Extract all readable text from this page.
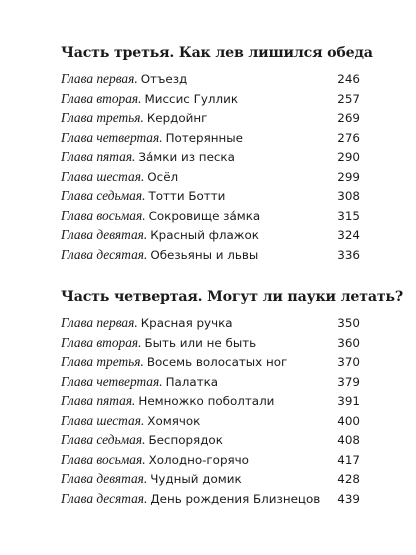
Часть третья. Как лев лишился обеда
Глава первая. Отъезд	246
Глава вторая. Миссис Гуллик	257
Глава третья. Кердойнг	269
Глава четвертая. Потерянные	276
Глава пятая. За́мки из песка	290
Глава шестая. Осёл	299
Глава седьмая. Тотти Ботти	308
Глава восьмая. Сокровище за́мка	315
Глава девятая. Красный флажок	324
Глава десятая. Обезьяны и львы	336
Часть четвертая. Могут ли пауки летать?
Глава первая. Красная ручка	350
Глава вторая. Быть или не быть	360
Глава третья. Восемь волосатых ног	370
Глава четвертая. Палатка	379
Глава пятая. Немножко поболтали	391
Глава шестая. Хомячок	400
Глава седьмая. Беспорядок	408
Глава восьмая. Холодно-горячо	417
Глава девятая. Чудный домик	428
Глава десятая. День рождения Близнецов	439
